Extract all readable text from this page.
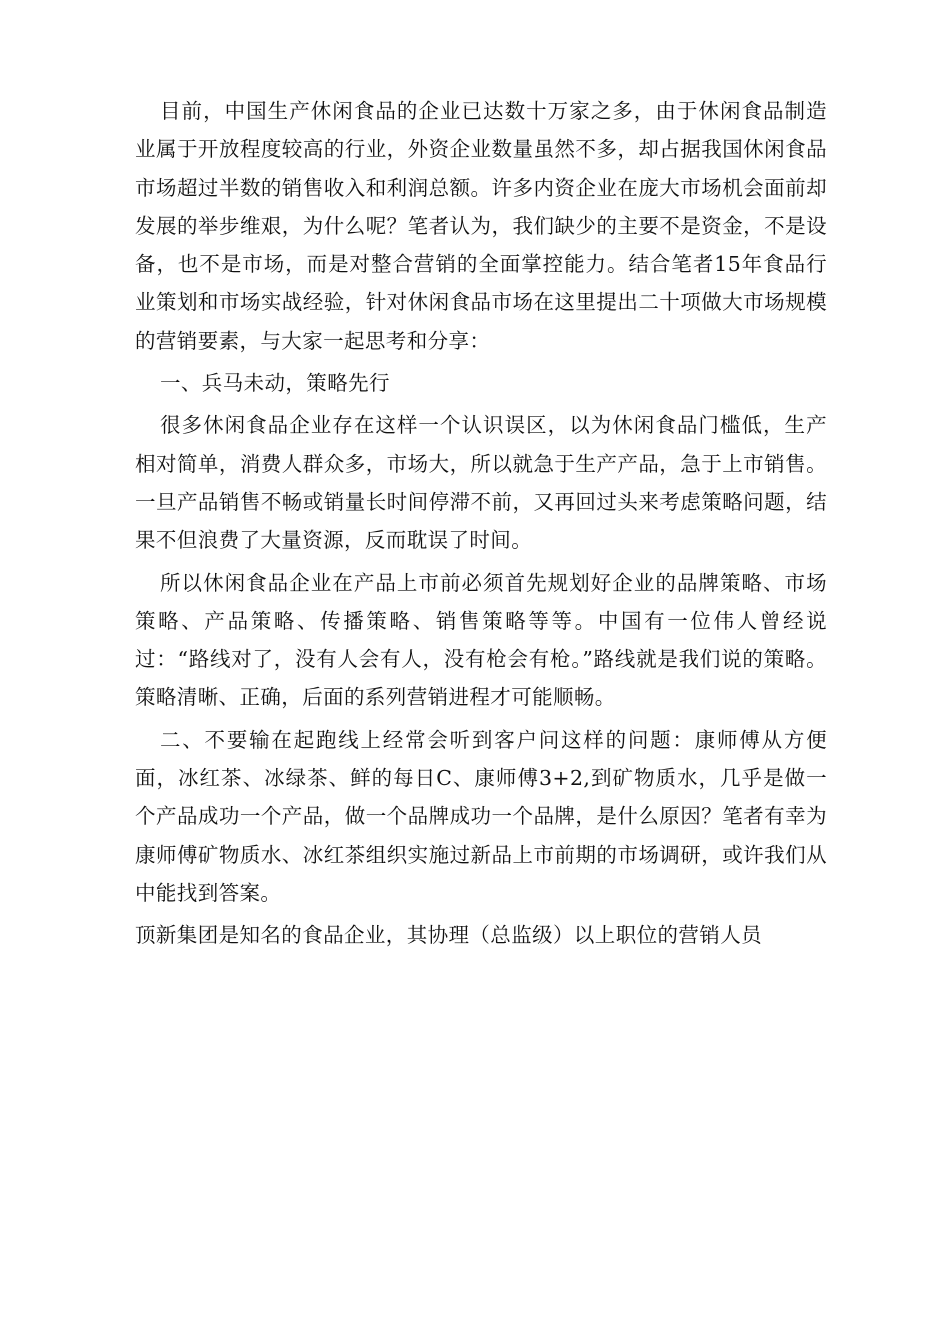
目前，中国生产休闲食品的企业已达数十万家之多，由于休闲食品制造业属于开放程度较高的行业，外资企业数量虽然不多，却占据我国休闲食品市场超过半数的销售收入和利润总额。许多内资企业在庞大市场机会面前却发展的举步维艰，为什么呢？笔者认为，我们缺少的主要不是资金，不是设备，也不是市场，而是对整合营销的全面掌控能力。结合笔者15年食品行业策划和市场实战经验，针对休闲食品市场在这里提出二十项做大市场规模的营销要素，与大家一起思考和分享：

一、兵马未动，策略先行

很多休闲食品企业存在这样一个认识误区，以为休闲食品门槛低，生产相对简单，消费人群众多，市场大，所以就急于生产产品，急于上市销售。一旦产品销售不畅或销量长时间停滞不前，又再回过头来考虑策略问题，结果不但浪费了大量资源，反而耽误了时间。

所以休闲食品企业在产品上市前必须首先规划好企业的品牌策略、市场策略、产品策略、传播策略、销售策略等等。中国有一位伟人曾经说过：“路线对了，没有人会有人，没有枪会有枪。”路线就是我们说的策略。策略清晰、正确，后面的系列营销进程才可能顺畅。

二、不要输在起跑线上经常会听到客户问这样的问题：康师傅从方便面，冰红茶、冰绿茶、鲜的每日C、康师傅3+2,到矿物质水，几乎是做一个产品成功一个产品，做一个品牌成功一个品牌，是什么原因？笔者有幸为康师傅矿物质水、冰红茶组织实施过新品上市前期的市场调研，或许我们从中能找到答案。

顶新集团是知名的食品企业，其协理（总监级）以上职位的营销人员
